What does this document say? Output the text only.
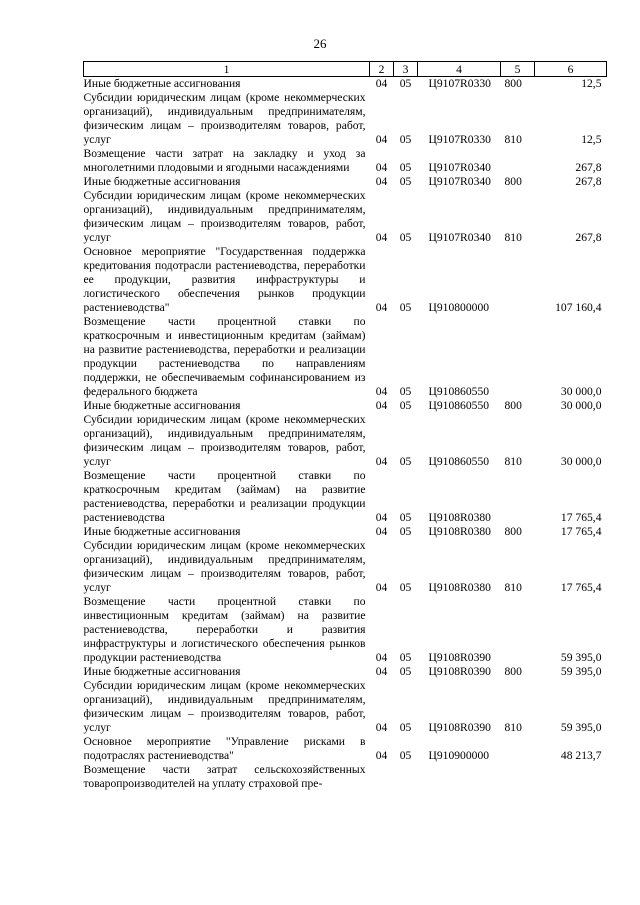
26
1	2	3	4	5	6
Иные бюджетные ассигнования	04	05	Ц9107R0330	800	12,5
Субсидии юридическим лицам (кроме некоммерческих организаций), индивидуальным предпринимателям, физическим лицам – производителям товаров, работ, услуг	04	05	Ц9107R0330	810	12,5
Возмещение части затрат на закладку и уход за многолетними плодовыми и ягодными насаждениями	04	05	Ц9107R0340		267,8
Иные бюджетные ассигнования	04	05	Ц9107R0340	800	267,8
Субсидии юридическим лицам (кроме некоммерческих организаций), индивидуальным предпринимателям, физическим лицам – производителям товаров, работ, услуг	04	05	Ц9107R0340	810	267,8
Основное мероприятие "Государственная поддержка кредитования подотрасли растениеводства, переработки ее продукции, развития инфраструктуры и логистического обеспечения рынков продукции растениеводства"	04	05	Ц910800000		107 160,4
Возмещение части процентной ставки по краткосрочным и инвестиционным кредитам (займам) на развитие растениеводства, переработки и реализации продукции растениеводства по направлениям поддержки, не обеспечиваемым софинансированием из федерального бюджета	04	05	Ц910860550		30 000,0
Иные бюджетные ассигнования	04	05	Ц910860550	800	30 000,0
Субсидии юридическим лицам (кроме некоммерческих организаций), индивидуальным предпринимателям, физическим лицам – производителям товаров, работ, услуг	04	05	Ц910860550	810	30 000,0
Возмещение части процентной ставки по краткосрочным кредитам (займам) на развитие растениеводства, переработки и реализации продукции растениеводства	04	05	Ц9108R0380		17 765,4
Иные бюджетные ассигнования	04	05	Ц9108R0380	800	17 765,4
Субсидии юридическим лицам (кроме некоммерческих организаций), индивидуальным предпринимателям, физическим лицам – производителям товаров, работ, услуг	04	05	Ц9108R0380	810	17 765,4
Возмещение части процентной ставки по инвестиционным кредитам (займам) на развитие растениеводства, переработки и развития инфраструктуры и логистического обеспечения рынков продукции растениеводства	04	05	Ц9108R0390		59 395,0
Иные бюджетные ассигнования	04	05	Ц9108R0390	800	59 395,0
Субсидии юридическим лицам (кроме некоммерческих организаций), индивидуальным предпринимателям, физическим лицам – производителям товаров, работ, услуг	04	05	Ц9108R0390	810	59 395,0
Основное мероприятие "Управление рисками в подотраслях растениеводства"	04	05	Ц910900000		48 213,7
Возмещение части затрат сельскохозяйственных товаропроизводителей на уплату страховой пре-					
